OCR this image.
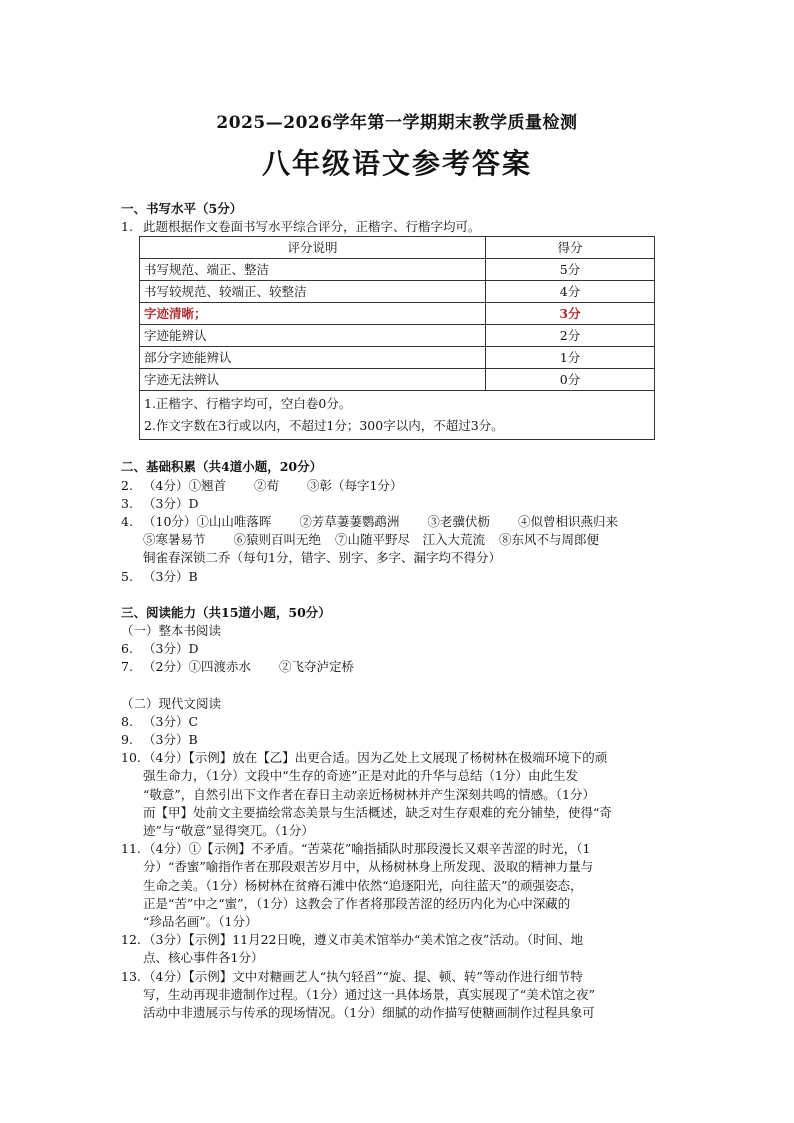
2025—2026学年第一学期期末教学质量检测
八年级语文参考答案
一、书写水平（5分）
1. 此题根据作文卷面书写水平综合评分，正楷字、行楷字均可。
评分说明	得分
书写规范、端正、整洁	5分
书写较规范、较端正、较整洁	4分
字迹清晰；	3分
字迹能辨认	2分
部分字迹能辨认	1分
字迹无法辨认	0分

1.正楷字、行楷字均可，空白卷0分。
2.作文字数在3行或以内，不超过1分；300字以内，不超过3分。	
二、基础积累（共4道小题，20分）
2. （4分）①翘首 ②荀 ③彰（每字1分）
3. （3分）D
4. （10分）①山山唯落晖 ②芳草萋萋鹦鹉洲 ③老骥伏枥 ④似曾相识燕归来
⑤寒暑易节 ⑥猿则百叫无绝 ⑦山随平野尽　江入大荒流 ⑧东风不与周郎便
铜雀春深锁二乔（每句1分，错字、别字、多字、漏字均不得分）
5. （3分）B
三、阅读能力（共15道小题，50分）
（一）整本书阅读
6. （3分）D
7. （2分）①四渡赤水 ②飞夺泸定桥
（二）现代文阅读
8. （3分）C
9. （3分）B
10. （4分）【示例】放在【乙】出更合适。因为乙处上文展现了杨树林在极端环境下的顽
强生命力，（1分）文段中“生存的奇迹”正是对此的升华与总结（1分）由此生发
“敬意”，自然引出下文作者在春日主动亲近杨树林并产生深刻共鸣的情感。（1分）
而【甲】处前文主要描绘常态美景与生活概述，缺乏对生存艰难的充分铺垫，使得“奇
迹”与“敬意”显得突兀。（1分）
11. （4分）①【示例】不矛盾。“苦菜花”喻指插队时那段漫长又艰辛苦涩的时光，（1
分）“香蜜”喻指作者在那段艰苦岁月中，从杨树林身上所发现、汲取的精神力量与
生命之美。（1分）杨树林在贫瘠石滩中依然“追逐阳光，向往蓝天”的顽强姿态，
正是“苦”中之“蜜”，（1分）这教会了作者将那段苦涩的经历内化为心中深藏的
“珍品名画”。（1分）
12. （3分）【示例】11月22日晚，遵义市美术馆举办“美术馆之夜”活动。（时间、地
点、核心事件各1分）
13. （4分）【示例】文中对糖画艺人“执勺轻舀”“旋、提、顿、转”等动作进行细节特
写，生动再现非遗制作过程。（1分）通过这一具体场景，真实展现了“美术馆之夜”
活动中非遗展示与传承的现场情况。（1分）细腻的动作描写使糖画制作过程具象可
